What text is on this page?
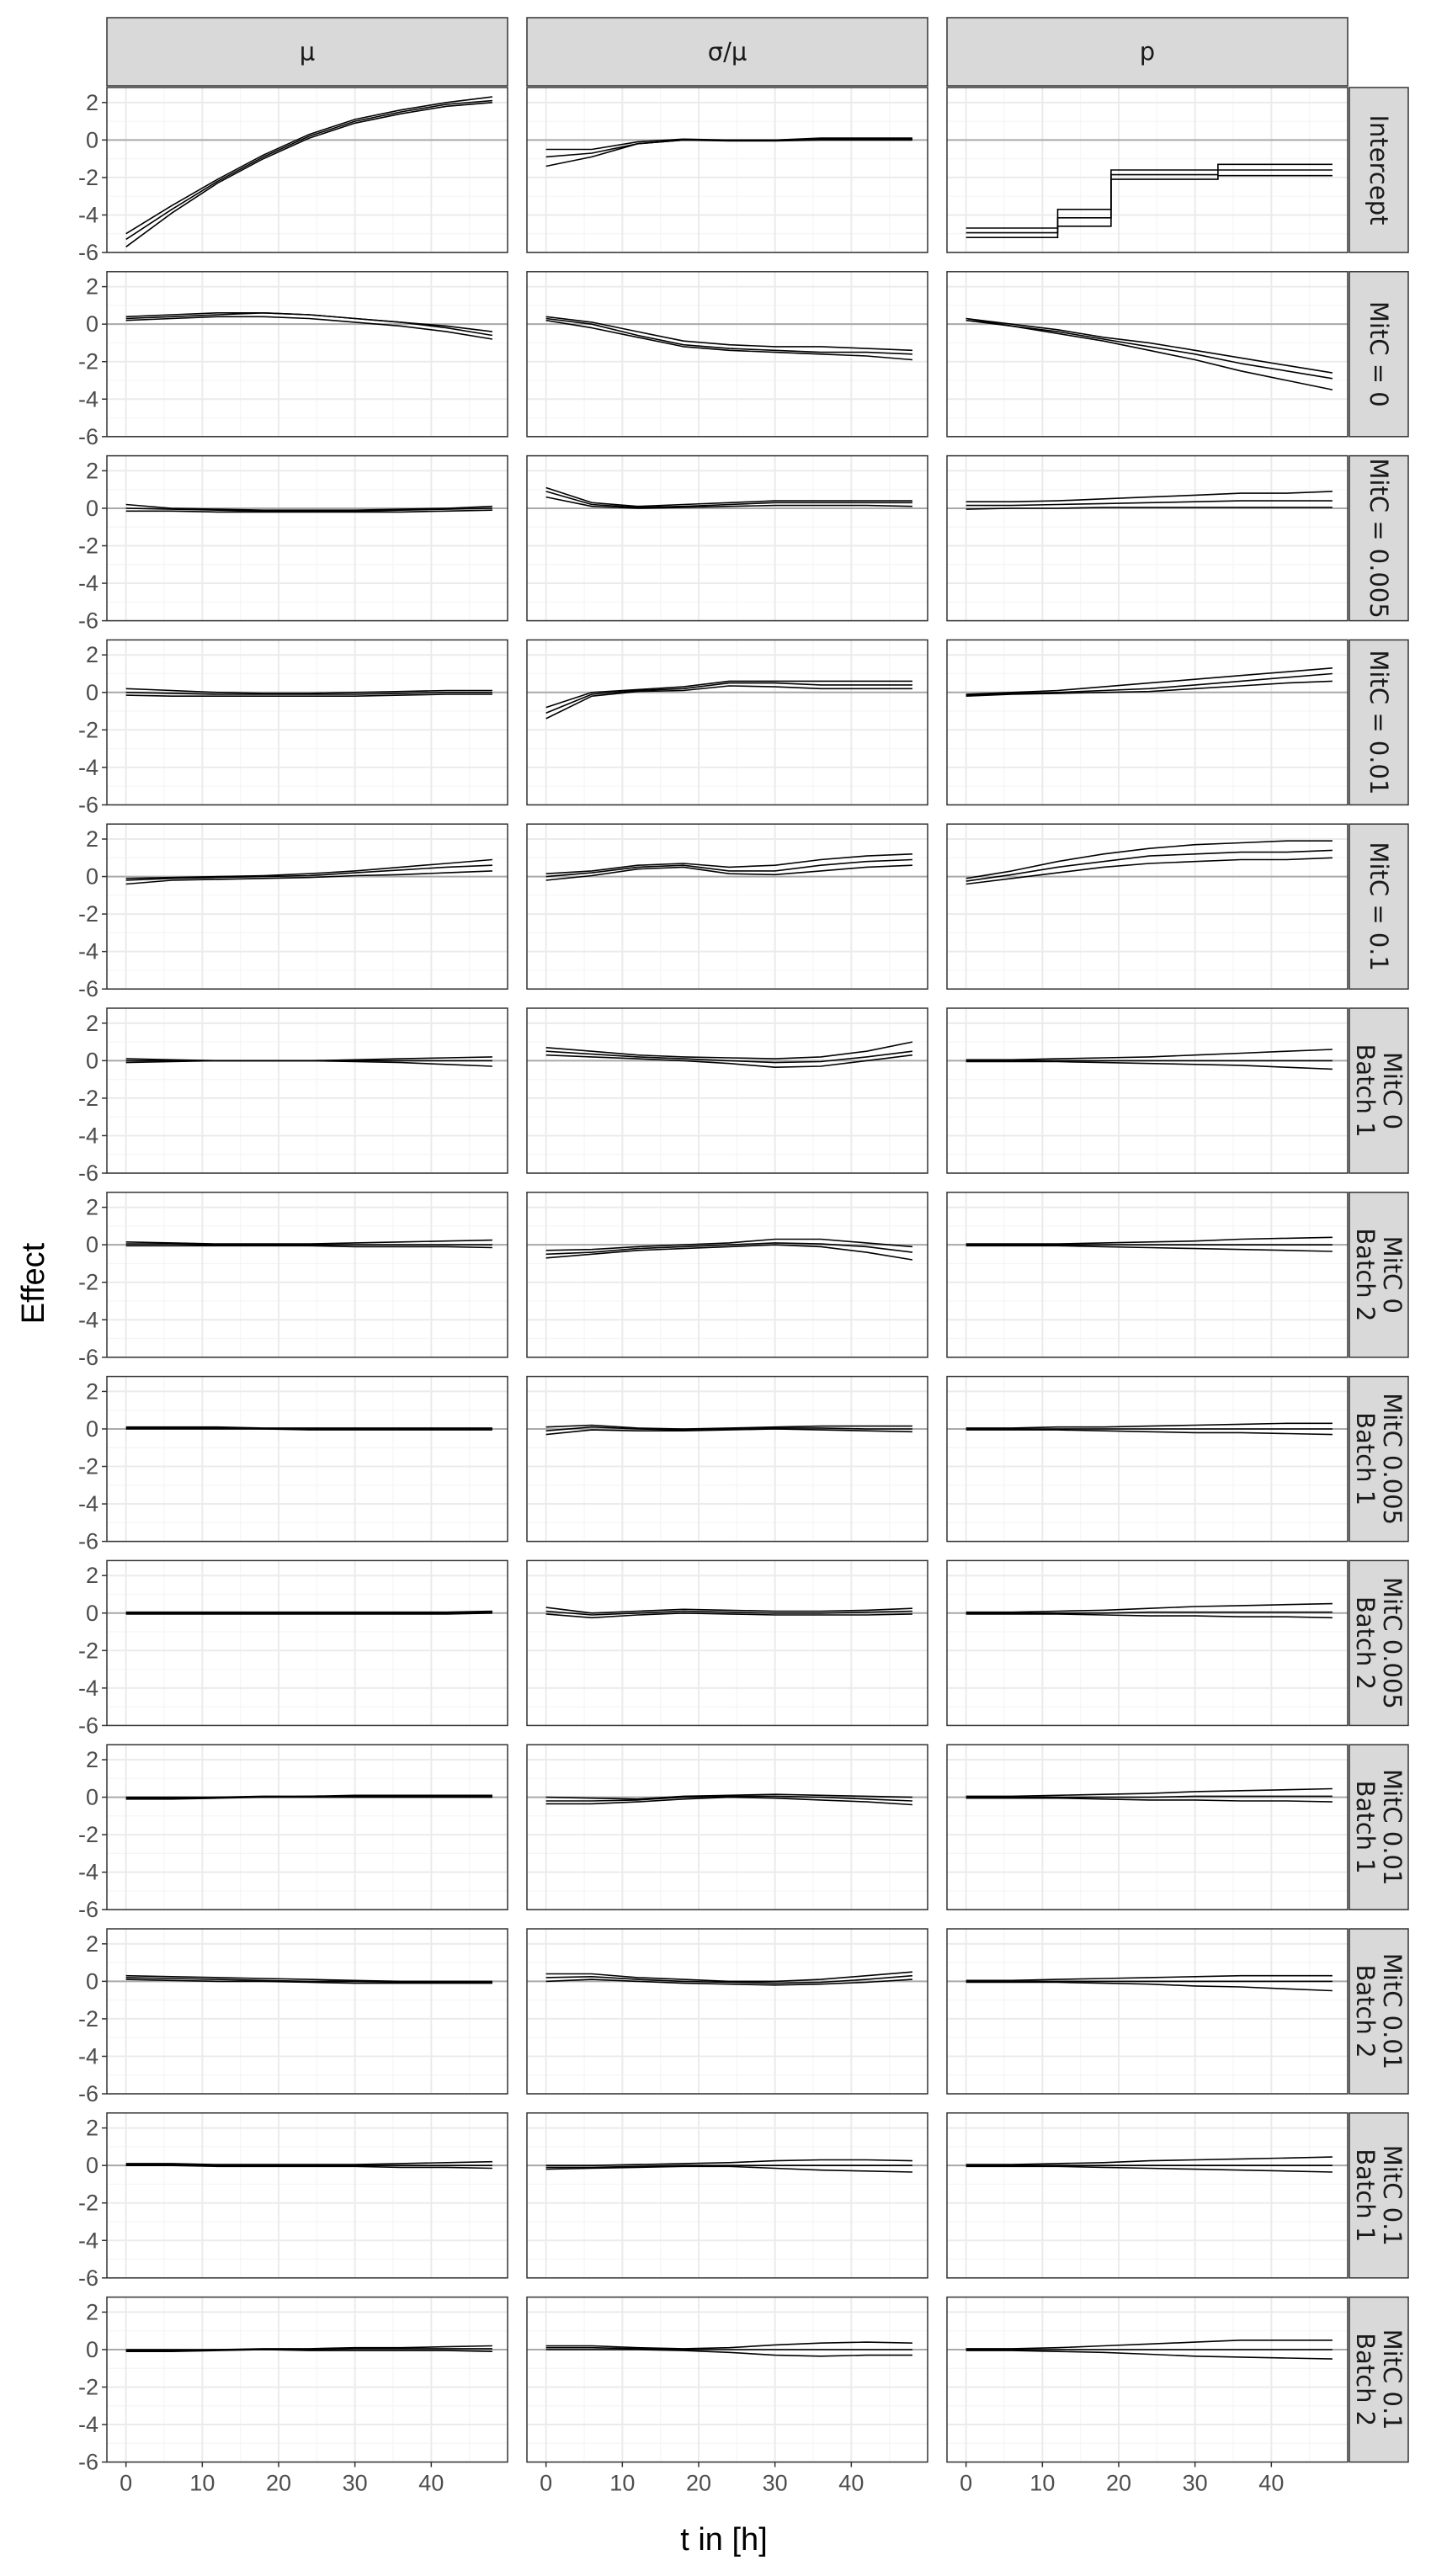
μ	σ/μ	p
Intercept
MitC = 0
MitC = 0.005
MitC = 0.01
MitC = 0.1
MitC 0
Batch 1
MitC 0
Batch 2
MitC 0.005
Batch 1
MitC 0.005
Batch 2
MitC 0.01
Batch 1
MitC 0.01
Batch 2
MitC 0.1
Batch 1
MitC 0.1
Batch 2
2
0
-2
-4
-6
2
0
-2
-4
-6
2
0
-2
-4
-6
2
0
-2
-4
-6
2
0
-2
-4
-6
2
0
-2
-4
-6
2
0
-2
-4
-6
2
0
-2
-4
-6
2
0
-2
-4
-6
2
0
-2
-4
-6
2
0
-2
-4
-6
2
0
-2
-4
-6
2
0
-2
-4
-6
0	10 20 30 40	0	10 20 30 40	0	10 20 30 40
Effect
t in [h]
